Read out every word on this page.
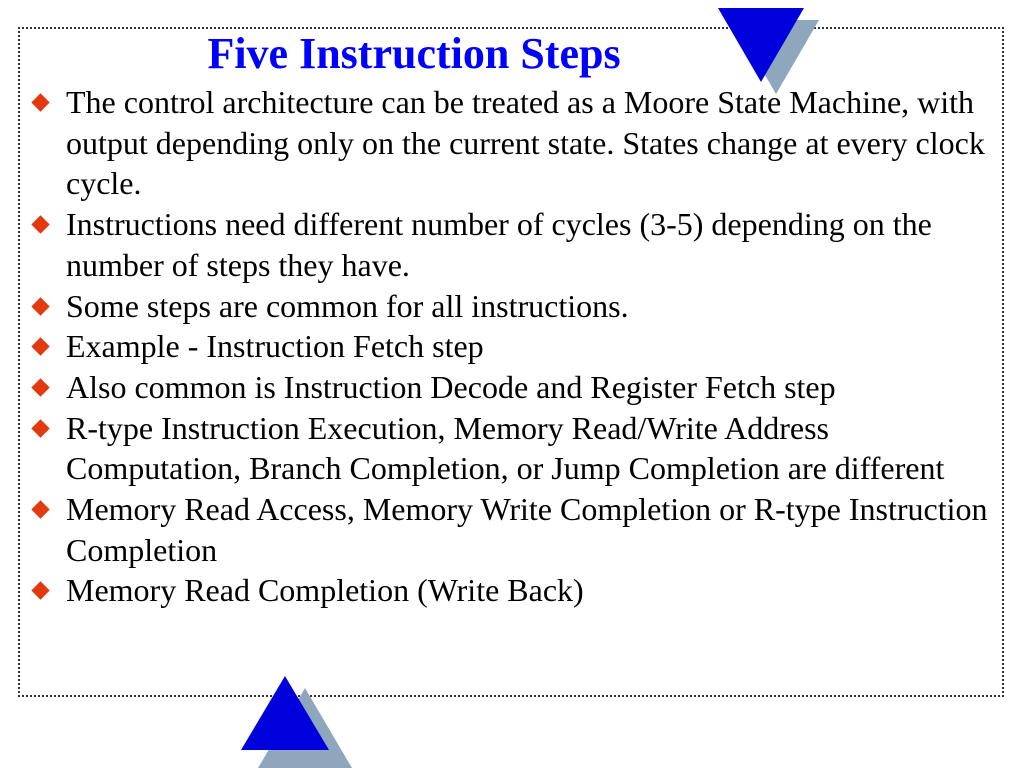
Five Instruction Steps
The control architecture can be treated as a Moore State Machine, with output depending only on the current state. States change at every clock cycle.
Instructions need different number of cycles (3-5) depending on the number of steps they have.
Some steps are common for all instructions.
Example - Instruction Fetch step
Also common is Instruction Decode and Register Fetch step
R-type Instruction Execution, Memory Read/Write Address Computation, Branch Completion, or Jump Completion are different
Memory Read Access, Memory Write Completion or R-type Instruction Completion
Memory Read Completion (Write Back)
